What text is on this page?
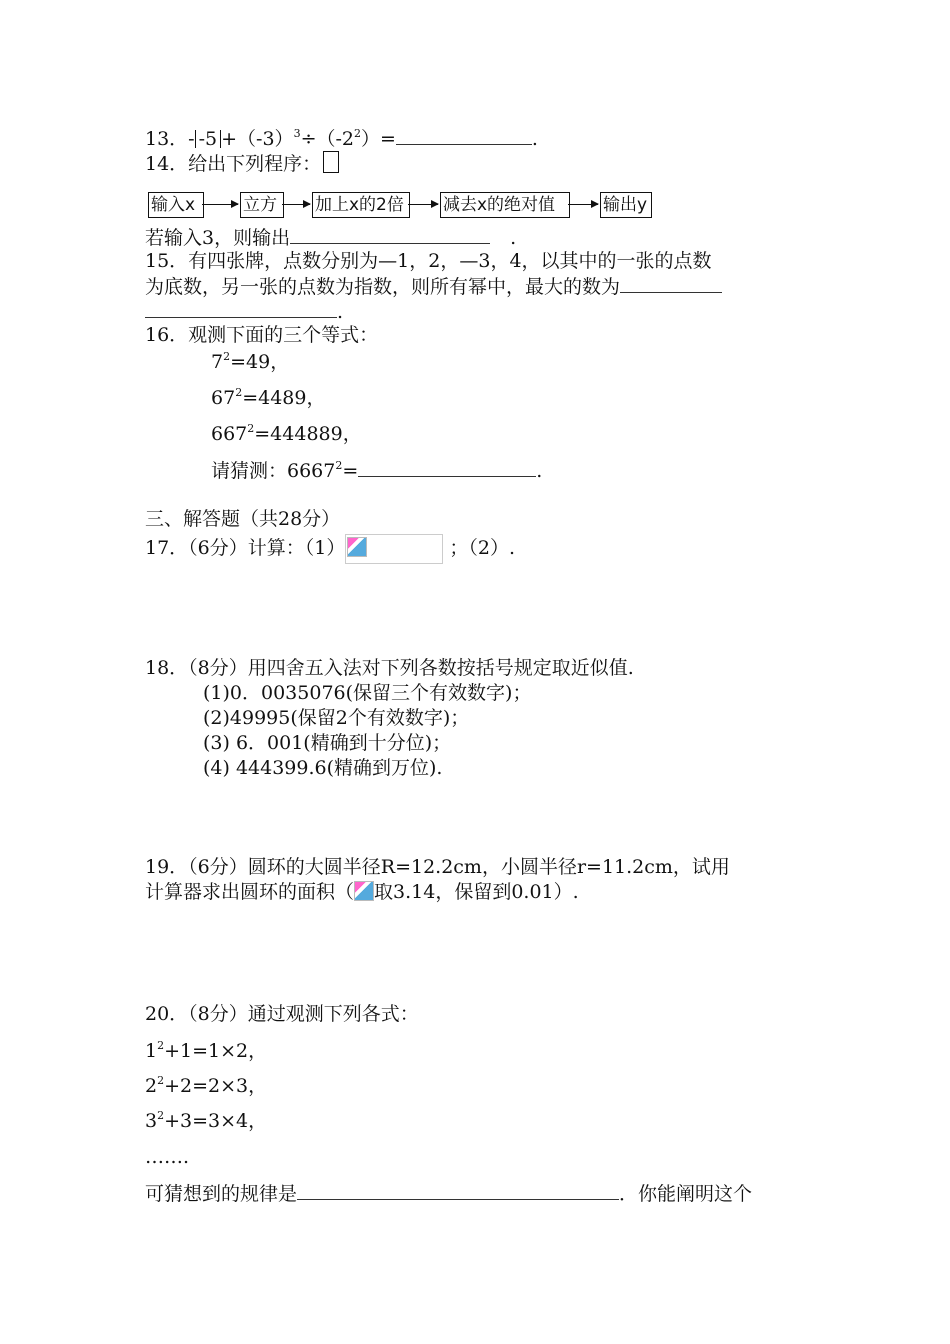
13．- $-5 +(-3)^3\div(-2^2)=$	.
14．给出下列程序：
输入x	立方	加上x的2倍	减去x的绝对值	输出y
若输入3，则输出	.
15．有四张牌，点数分别为—1，2，—3，4，以其中的一张的点数
为底数，另一张的点数为指数，则所有幂中，最大的数为
.
16．观测下面的三个等式：
$7^2=49$，
$67^2=4489$，
$667^2=444889$，
请猜测：$6667^2=$	.
三、解答题（共28分）
17．（6分）计算：（1）	；（2）.
18．（8分）用四舍五入法对下列各数按括号规定取近似值.
(1)0．0035076(保留三个有效数字)；
(2)49995(保留2个有效数字)；
(3) 6．001(精确到十分位)；
(4) 444399.6(精确到万位).
19．（6分）圆环的大圆半径R=12.2cm，小圆半径r=11.2cm，试用
计算器求出圆环的面积（ 取3.14，保留到0.01）.
20．（8分）通过观测下列各式：
$1^2+1=1\times 2$，
$2^2+2=2\times 3$，
$3^2+3=3\times 4$，
…….
可猜想到的规律是	．你能阐明这个
